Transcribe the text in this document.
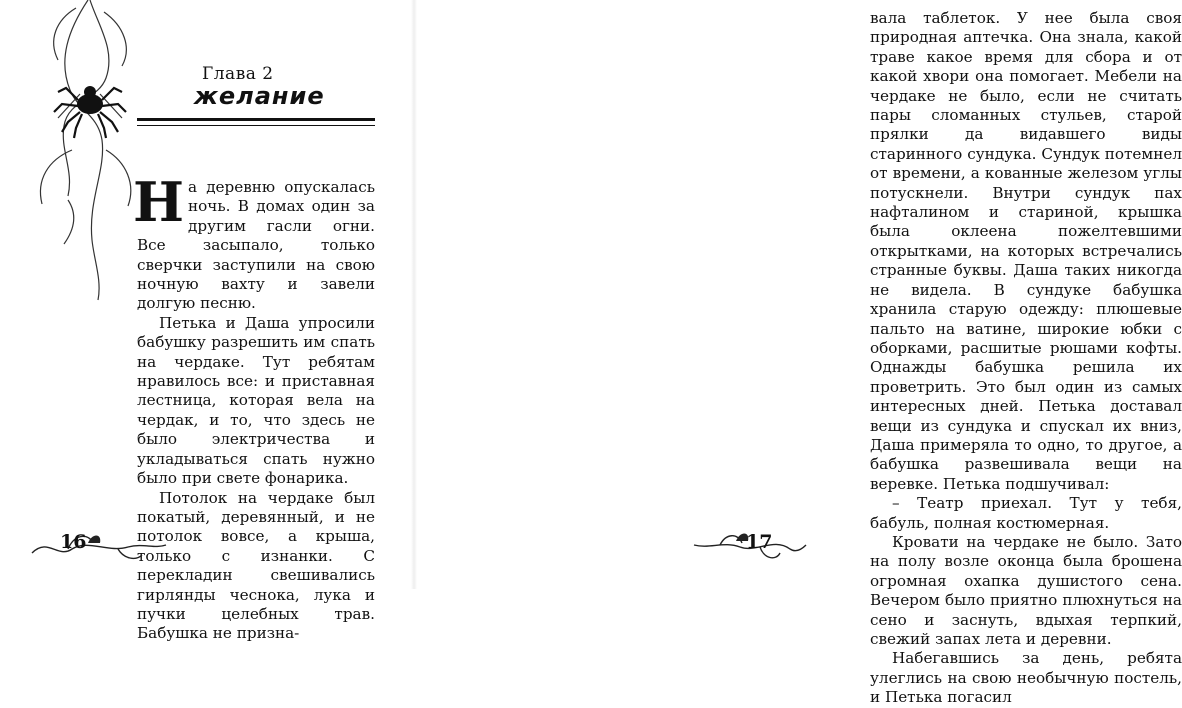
Глава 2
желание

На деревню опускалась ночь. В домах один за другим гасли огни. Все засыпало, только сверчки заступили на свою ночную вахту и завели долгую песню.

Петька и Даша упросили бабушку разрешить им спать на чердаке. Тут ребятам нравилось все: и приставная лестница, которая вела на чердак, и то, что здесь не было электричества и укладываться спать нужно было при свете фонарика.

Потолок на чердаке был покатый, деревянный, и не потолок вовсе, а крыша, только с изнанки. С перекладин свешивались гирлянды чеснока, лука и пучки целебных трав. Бабушка не призна-

16

вала таблеток. У нее была своя природная аптечка. Она знала, какой траве какое время для сбора и от какой хвори она помогает. Мебели на чердаке не было, если не считать пары сломанных стульев, старой прялки да видавшего виды старинного сундука. Сундук потемнел от времени, а кованные железом углы потускнели. Внутри сундук пах нафталином и стариной, крышка была оклеена пожелтевшими открытками, на которых встречались странные буквы. Даша таких никогда не видела. В сундуке бабушка хранила старую одежду: плюшевые пальто на ватине, широкие юбки с оборками, расшитые рюшами кофты. Однажды бабушка решила их проветрить. Это был один из самых интересных дней. Петька доставал вещи из сундука и спускал их вниз, Даша примеряла то одно, то другое, а бабушка развешивала вещи на веревке. Петька подшучивал:

– Театр приехал. Тут у тебя, бабуль, полная костюмерная.

Кровати на чердаке не было. Зато на полу возле оконца была брошена огромная охапка душистого сена. Вечером было приятно плюхнуться на сено и заснуть, вдыхая терпкий, свежий запах лета и деревни.

Набегавшись за день, ребята улеглись на свою необычную постель, и Петька погасил

17
